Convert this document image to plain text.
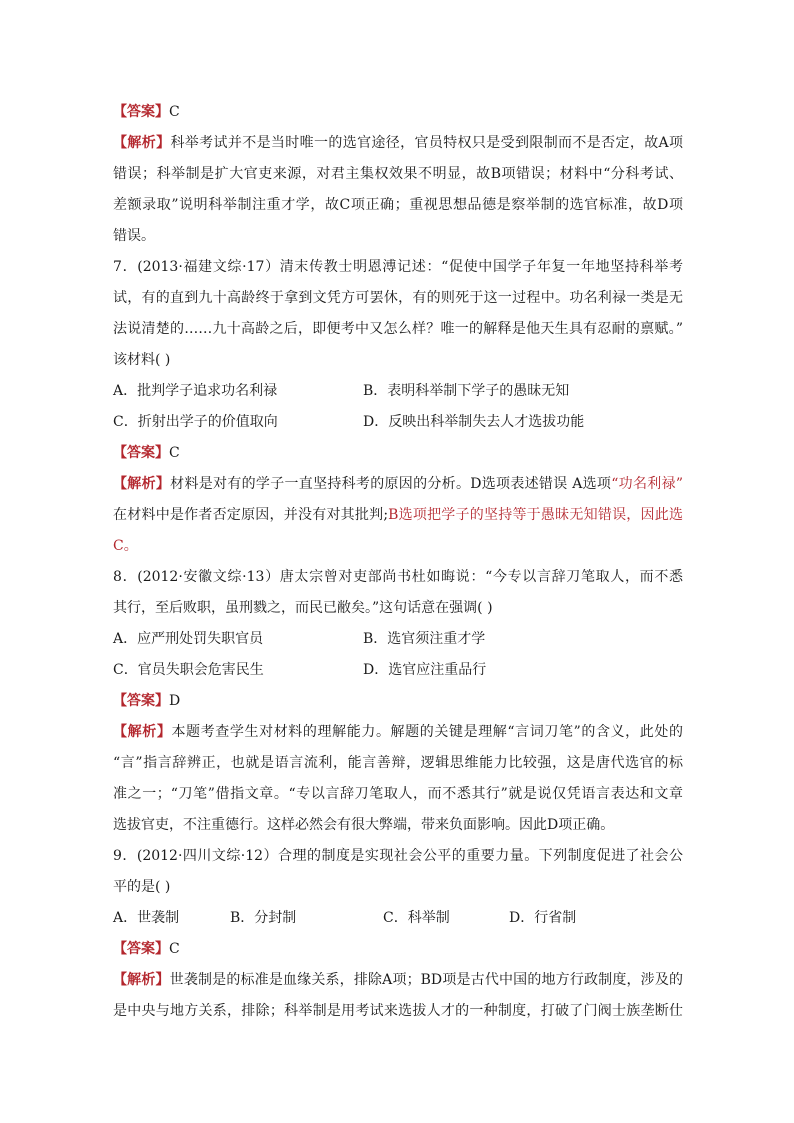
【答案】C
【解析】科举考试并不是当时唯一的选官途径，官员特权只是受到限制而不是否定，故A项
错误；科举制是扩大官吏来源，对君主集权效果不明显，故B项错误；材料中“分科考试、
差额录取”说明科举制注重才学，故C项正确；重视思想品德是察举制的选官标准，故D项
错误。
7．(2013·福建文综·17）清末传教士明恩溥记述：“促使中国学子年复一年地坚持科举考
试，有的直到九十高龄终于拿到文凭方可罢休，有的则死于这一过程中。功名利禄一类是无
法说清楚的……九十高龄之后，即便考中又怎么样？唯一的解释是他天生具有忍耐的禀赋。”
该材料( )
A．批判学子追求功名利禄	B．表明科举制下学子的愚昧无知
C．折射出学子的价值取向	D．反映出科举制失去人才选拔功能
【答案】C
【解析】材料是对有的学子一直坚持科考的原因的分析。D选项表述错误 A选项“功名利禄”
在材料中是作者否定原因，并没有对其批判;B选项把学子的坚持等于愚昧无知错误，因此选
C。
8．(2012·安徽文综·13）唐太宗曾对吏部尚书杜如晦说：“今专以言辞刀笔取人，而不悉
其行，至后败职，虽刑戮之，而民已敝矣。”这句话意在强调( )
A．应严刑处罚失职官员	B．选官须注重才学
C．官员失职会危害民生	D．选官应注重品行
【答案】D
【解析】本题考查学生对材料的理解能力。解题的关键是理解“言词刀笔”的含义，此处的
“言”指言辞辨正，也就是语言流利，能言善辩，逻辑思维能力比较强，这是唐代选官的标
准之一；“刀笔”借指文章。“专以言辞刀笔取人，而不悉其行”就是说仅凭语言表达和文章
选拔官吏，不注重德行。这样必然会有很大弊端，带来负面影响。因此D项正确。
9．(2012·四川文综·12）合理的制度是实现社会公平的重要力量。下列制度促进了社会公
平的是( )
A．世袭制	B．分封制	C．科举制	D．行省制
【答案】C
【解析】世袭制是的标准是血缘关系，排除A项；BD项是古代中国的地方行政制度，涉及的
是中央与地方关系，排除；科举制是用考试来选拔人才的一种制度，打破了门阀士族垄断仕
